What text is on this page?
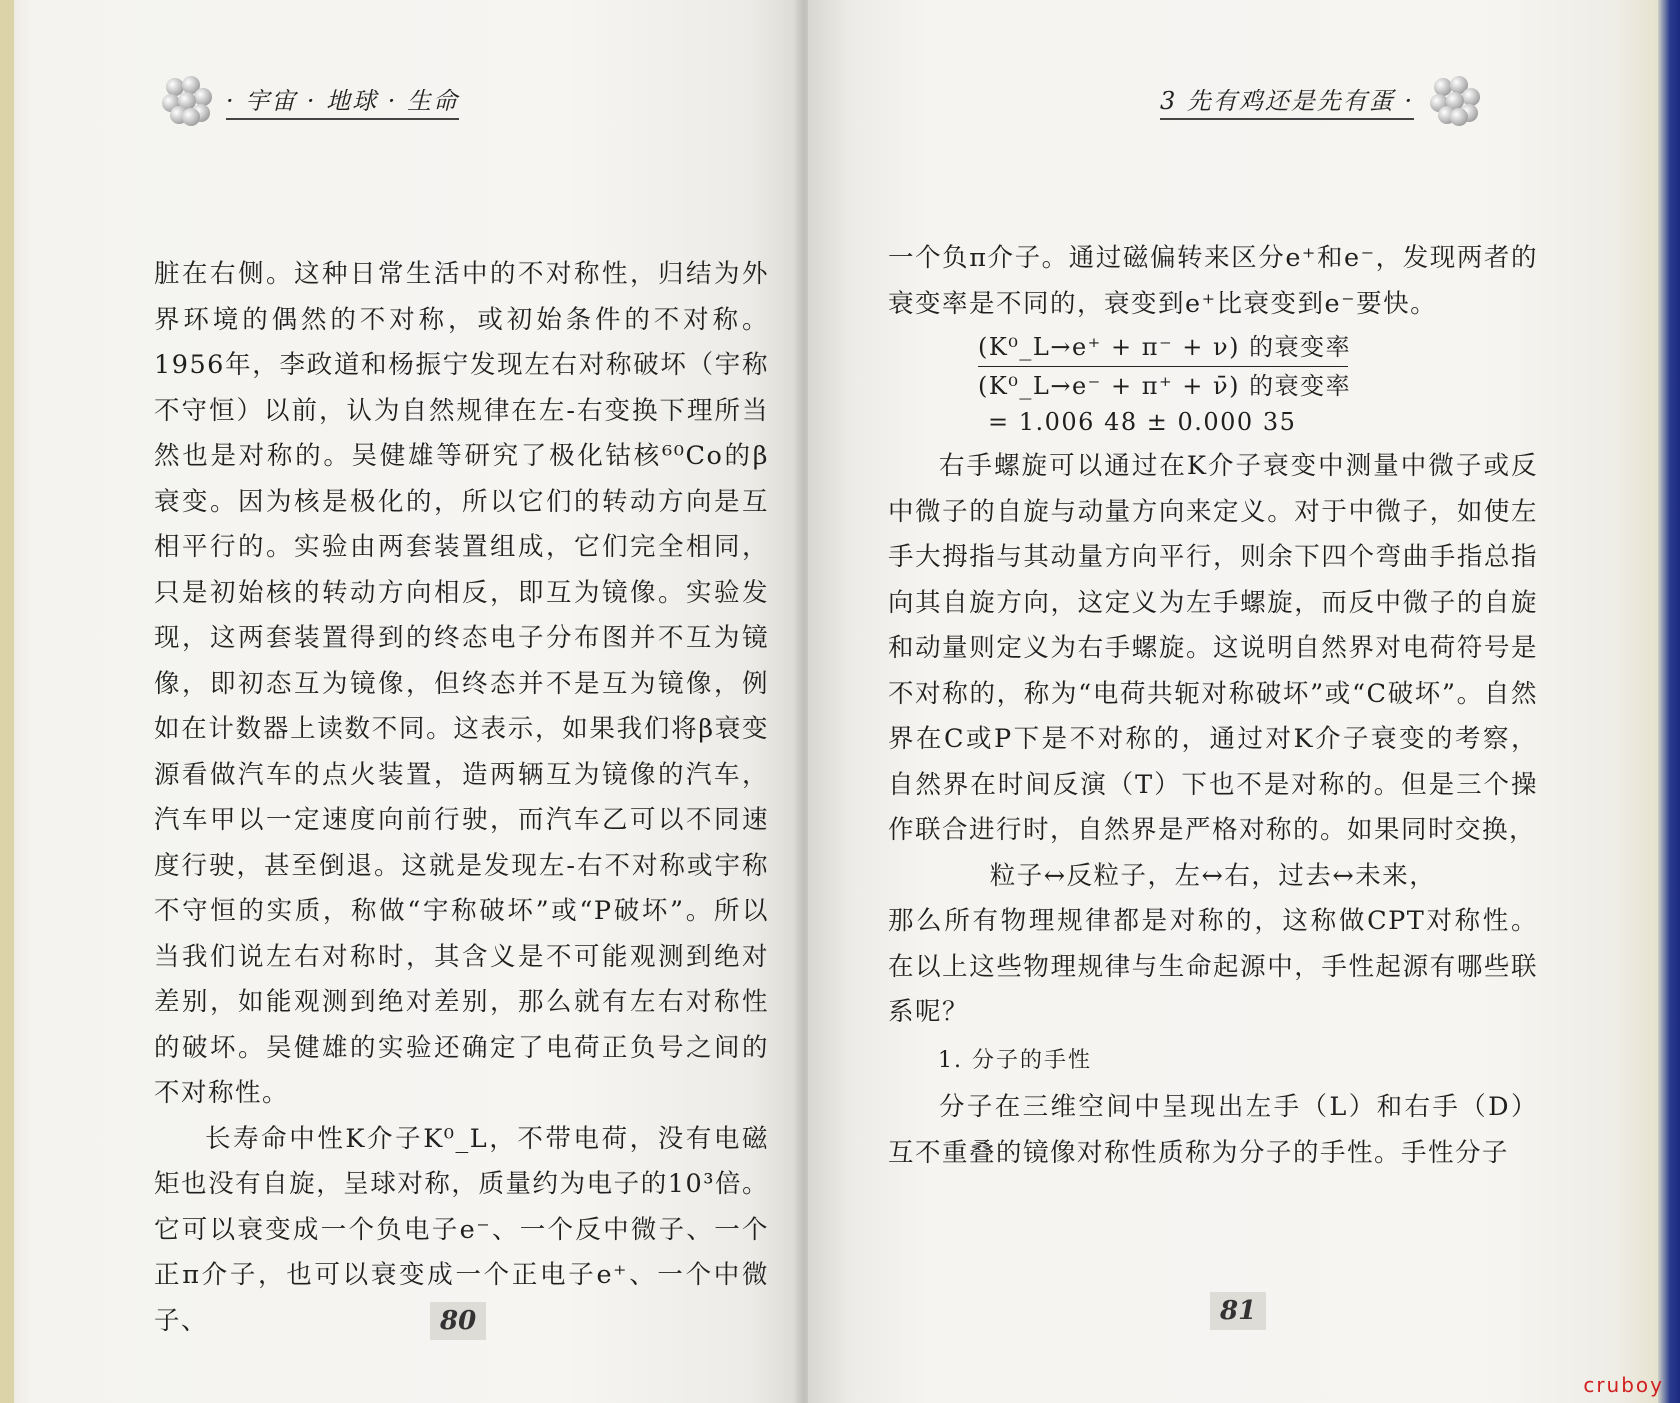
· 宇宙 · 地球 · 生命

脏在右侧。这种日常生活中的不对称性，归结为外界环境的偶然的不对称，或初始条件的不对称。1956年，李政道和杨振宁发现左右对称破坏（宇称不守恒）以前，认为自然规律在左-右变换下理所当然也是对称的。吴健雄等研究了极化钴核⁶⁰Co的β衰变。因为核是极化的，所以它们的转动方向是互相平行的。实验由两套装置组成，它们完全相同，只是初始核的转动方向相反，即互为镜像。实验发现，这两套装置得到的终态电子分布图并不互为镜像，即初态互为镜像，但终态并不是互为镜像，例如在计数器上读数不同。这表示，如果我们将β衰变源看做汽车的点火装置，造两辆互为镜像的汽车，汽车甲以一定速度向前行驶，而汽车乙可以不同速度行驶，甚至倒退。这就是发现左-右不对称或宇称不守恒的实质，称做“宇称破坏”或“P破坏”。所以当我们说左右对称时，其含义是不可能观测到绝对差别，如能观测到绝对差别，那么就有左右对称性的破坏。吴健雄的实验还确定了电荷正负号之间的不对称性。

长寿命中性K介子K⁰_L，不带电荷，没有电磁矩也没有自旋，呈球对称，质量约为电子的10³倍。它可以衰变成一个负电子e⁻、一个反中微子、一个正π介子，也可以衰变成一个正电子e⁺、一个中微子、	80
3 先有鸡还是先有蛋 ·

一个负π介子。通过磁偏转来区分e⁺和e⁻，发现两者的衰变率是不同的，衰变到e⁺比衰变到e⁻要快。

(K⁰_L→e⁺ + π⁻ + ν) 的衰变率
(K⁰_L→e⁻ + π⁺ + ν̄) 的衰变率
= 1.006 48 ± 0.000 35

右手螺旋可以通过在K介子衰变中测量中微子或反中微子的自旋与动量方向来定义。对于中微子，如使左手大拇指与其动量方向平行，则余下四个弯曲手指总指向其自旋方向，这定义为左手螺旋，而反中微子的自旋和动量则定义为右手螺旋。这说明自然界对电荷符号是不对称的，称为“电荷共轭对称破坏”或“C破坏”。自然界在C或P下是不对称的，通过对K介子衰变的考察，自然界在时间反演（T）下也不是对称的。但是三个操作联合进行时，自然界是严格对称的。如果同时交换，

粒子↔反粒子，左↔右，过去↔未来，

那么所有物理规律都是对称的，这称做CPT对称性。在以上这些物理规律与生命起源中，手性起源有哪些联系呢？

1. 分子的手性

分子在三维空间中呈现出左手（L）和右手（D）互不重叠的镜像对称性质称为分子的手性。手性分子

81
cruboy
